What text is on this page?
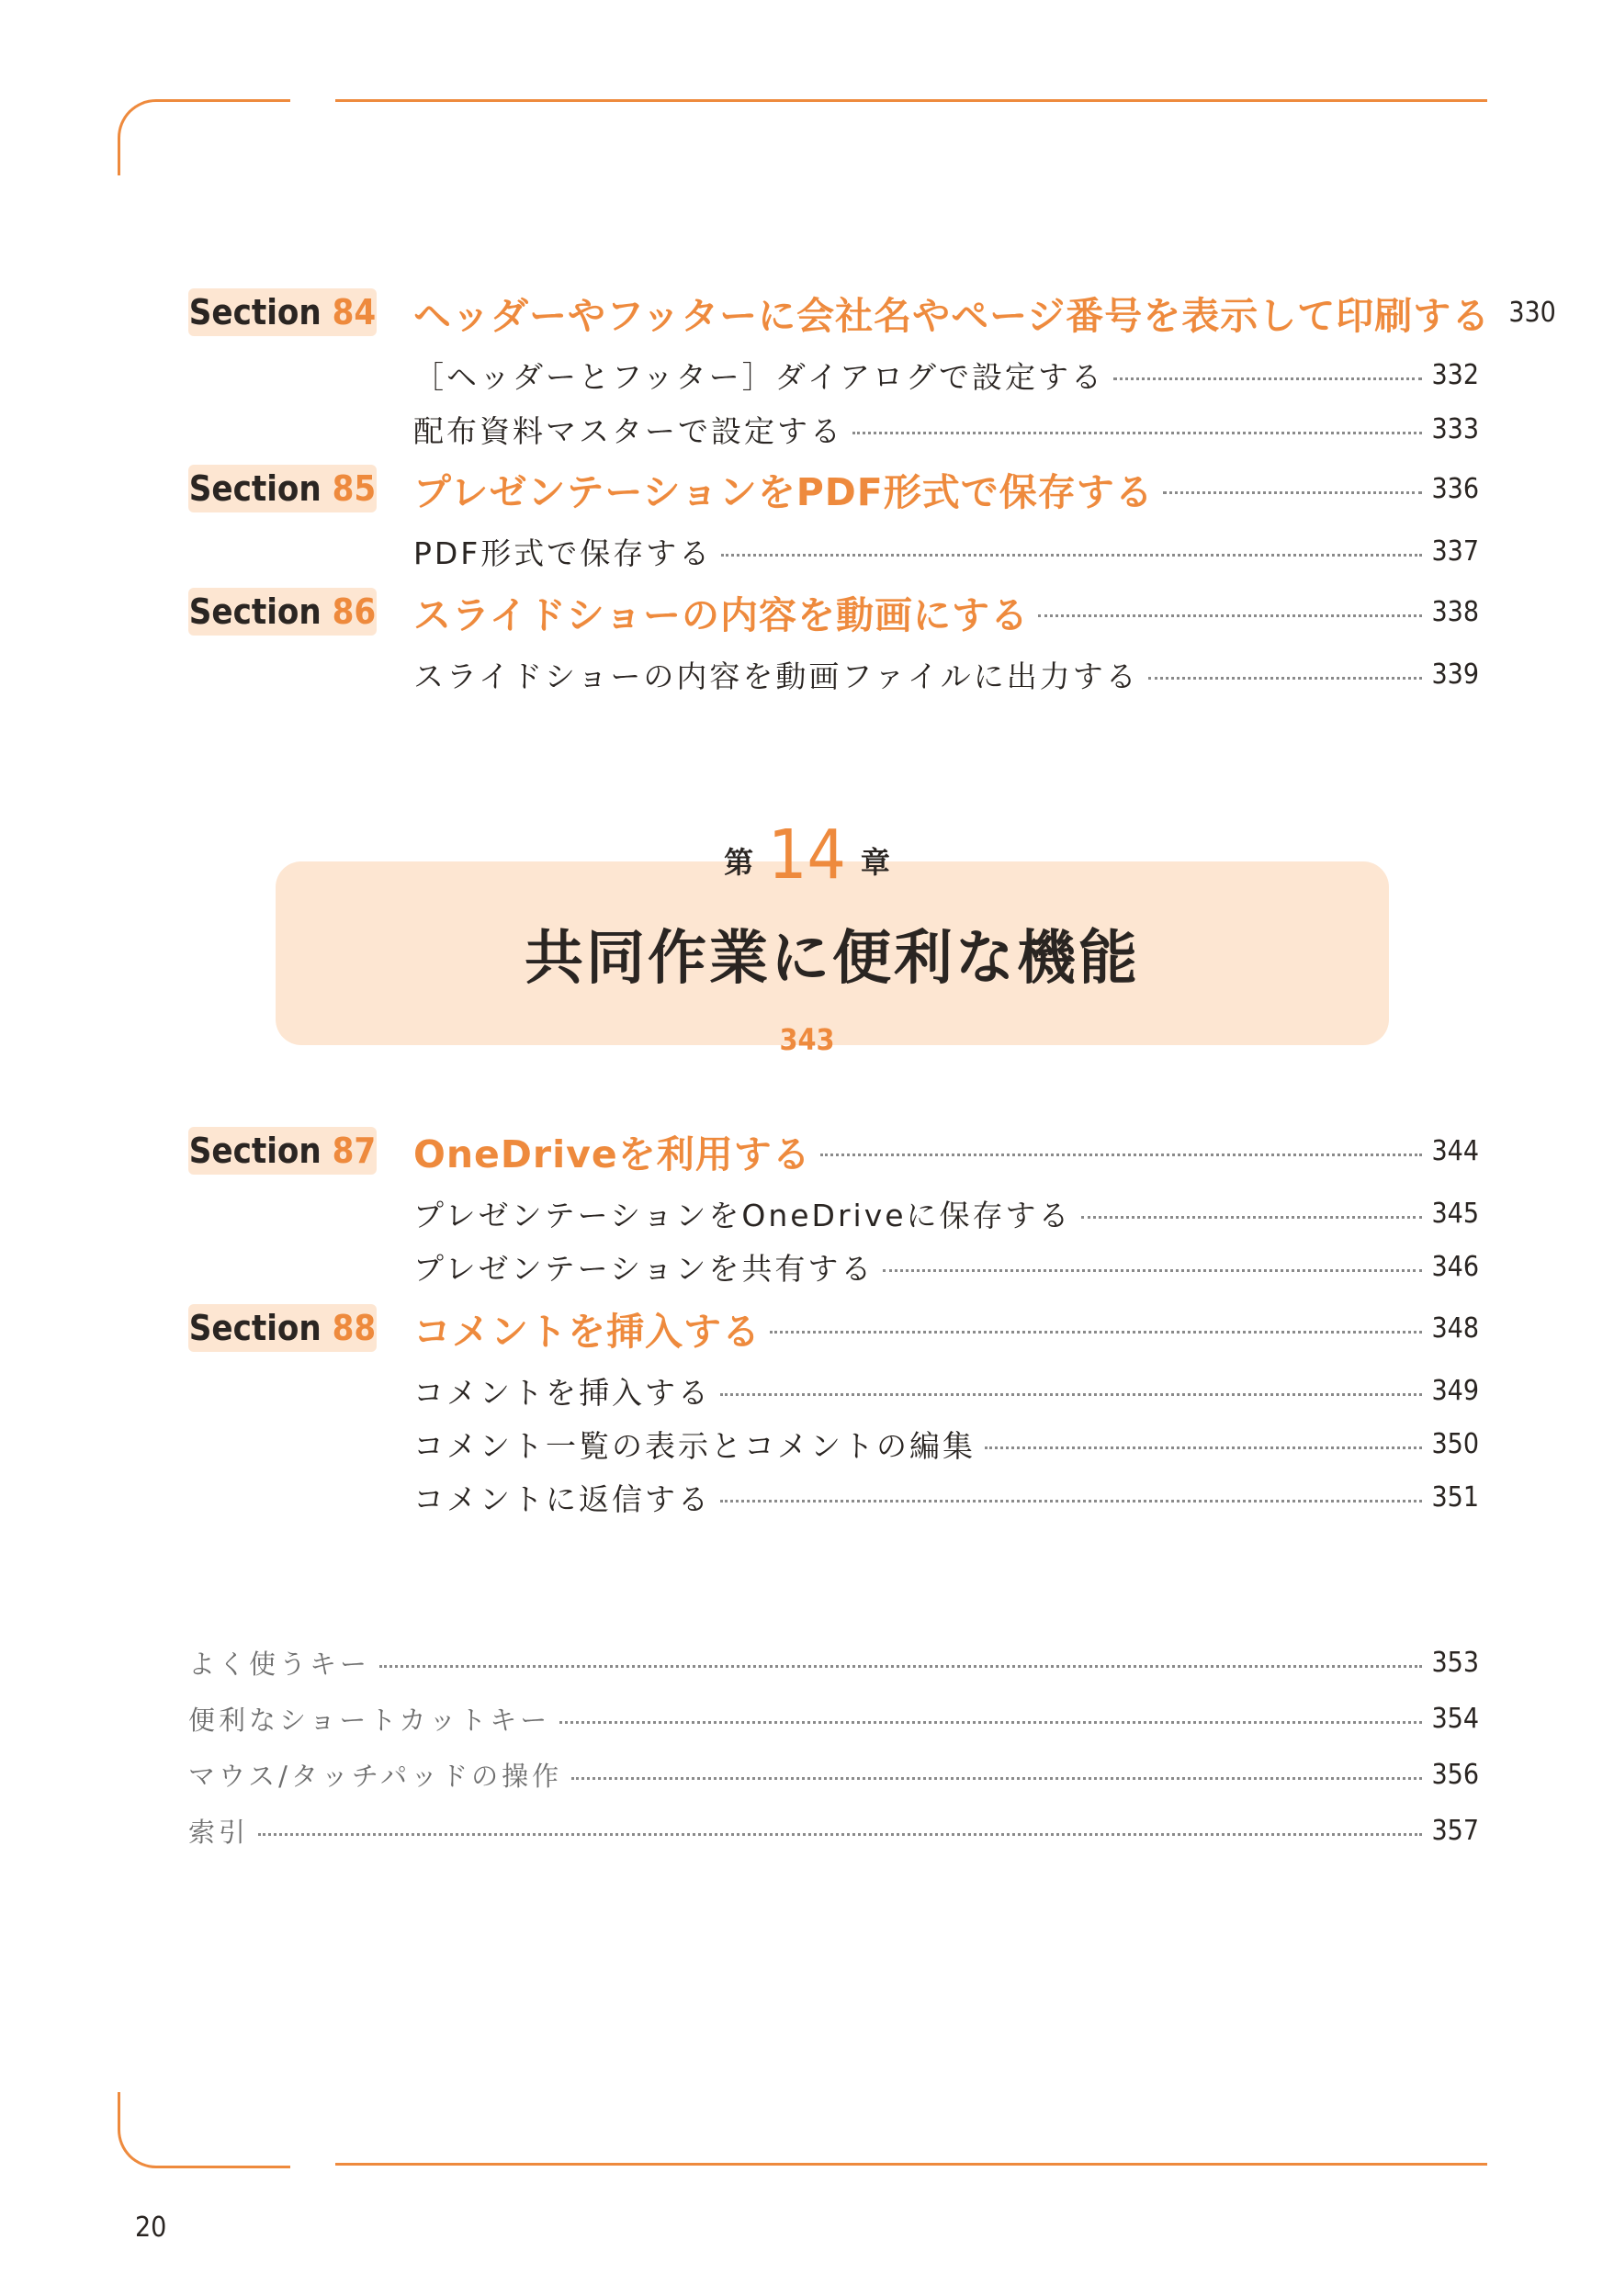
Section 84 ヘッダーやフッターに会社名やページ番号を表示して印刷する 330
［ヘッダーとフッター］ダイアログで設定する	332
配布資料マスターで設定する	333
Section 85 プレゼンテーションをPDF形式で保存する	336
PDF形式で保存する	337
Section 86 スライドショーの内容を動画にする	338
スライドショーの内容を動画ファイルに出力する	339
共同作業に便利な機能
第 14 章
343
Section 87 OneDriveを利用する	344
プレゼンテーションをOneDriveに保存する	345
プレゼンテーションを共有する	346
Section 88 コメントを挿入する	348
コメントを挿入する	349
コメント一覧の表示とコメントの編集	350
コメントに返信する	351
よく使うキー	353
便利なショートカットキー	354
マウス/タッチパッドの操作	356
索引	357
20
